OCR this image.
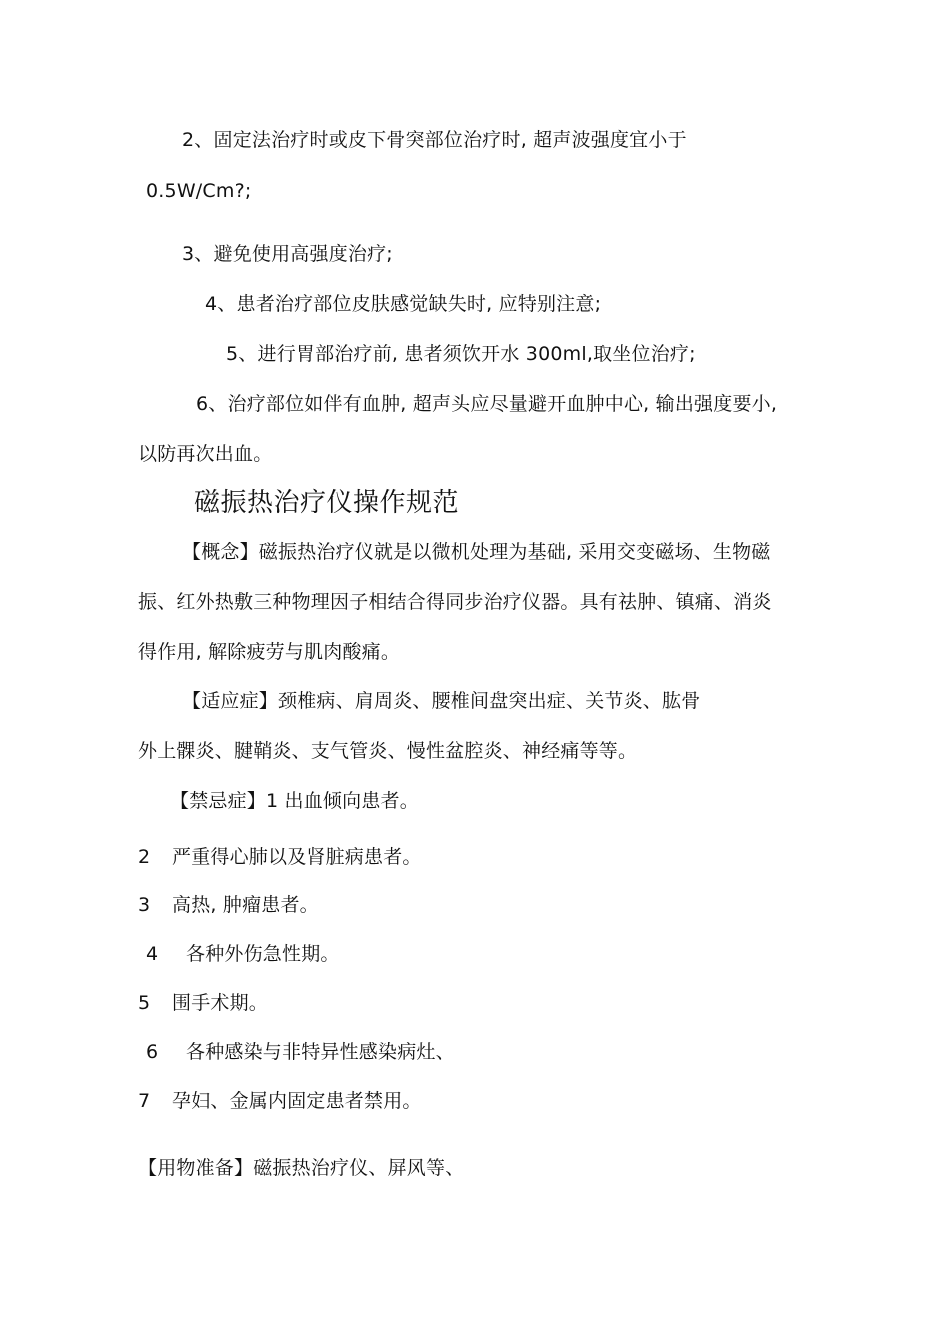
2、固定法治疗时或皮下骨突部位治疗时, 超声波强度宜小于
0.5W/Cm?;
3、避免使用高强度治疗;
4、患者治疗部位皮肤感觉缺失时, 应特别注意;
5、进行胃部治疗前, 患者须饮开水 300ml,取坐位治疗;
6、治疗部位如伴有血肿, 超声头应尽量避开血肿中心, 输出强度要小,
以防再次出血。
磁振热治疗仪操作规范
【概念】磁振热治疗仪就是以微机处理为基础, 采用交变磁场、生物磁
振、红外热敷三种物理因子相结合得同步治疗仪器。具有祛肿、镇痛、消炎
得作用, 解除疲劳与肌肉酸痛。
【适应症】颈椎病、肩周炎、腰椎间盘突出症、关节炎、肱骨
外上髁炎、腱鞘炎、支气管炎、慢性盆腔炎、神经痛等等。
【禁忌症】1 出血倾向患者。
2 严重得心肺以及肾脏病患者。
3 高热, 肿瘤患者。
4 各种外伤急性期。
5 围手术期。
6 各种感染与非特异性感染病灶、
7 孕妇、金属内固定患者禁用。
【用物准备】磁振热治疗仪、屏风等、
